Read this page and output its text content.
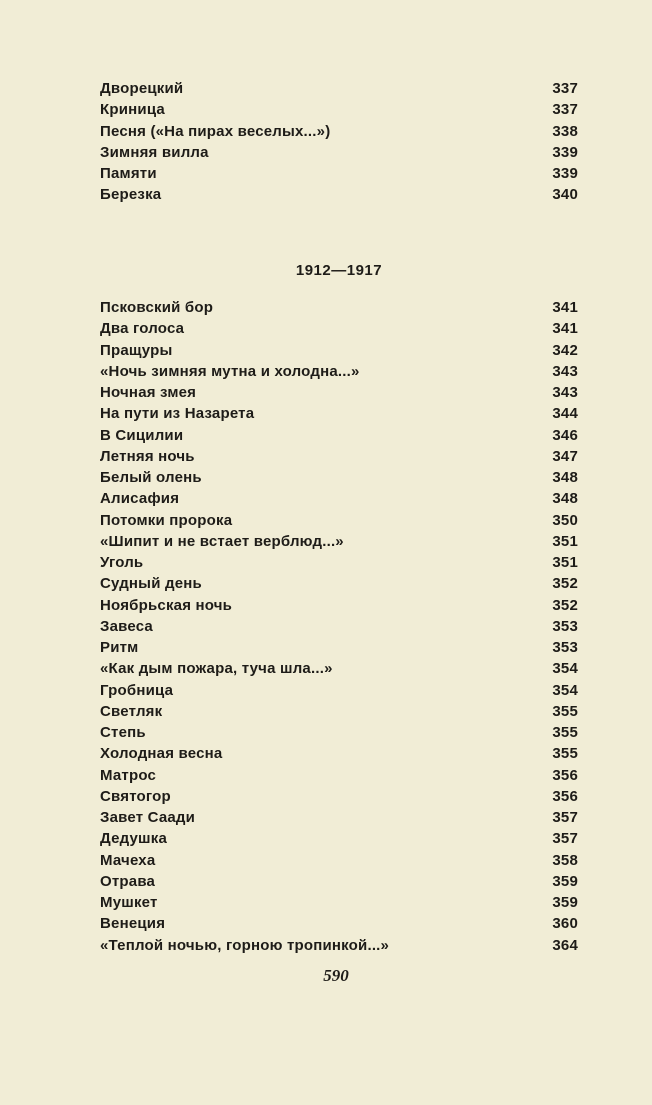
Дворецкий	337
Криница	337
Песня («На пирах веселых...»)	338
Зимняя вилла	339
Памяти	339
Березка	340
1912—1917
Псковский бор	341
Два голоса	341
Пращуры	342
«Ночь зимняя мутна и холодна...»	343
Ночная змея	343
На пути из Назарета	344
В Сицилии	346
Летняя ночь	347
Белый олень	348
Алисафия	348
Потомки пророка	350
«Шипит и не встает верблюд...»	351
Уголь	351
Судный день	352
Ноябрьская ночь	352
Завеса	353
Ритм	353
«Как дым пожара, туча шла...»	354
Гробница	354
Светляк	355
Степь	355
Холодная весна	355
Матрос	356
Святогор	356
Завет Саади	357
Дедушка	357
Мачеха	358
Отрава	359
Мушкет	359
Венеция	360
«Теплой ночью, горною тропинкой...»	364
590
